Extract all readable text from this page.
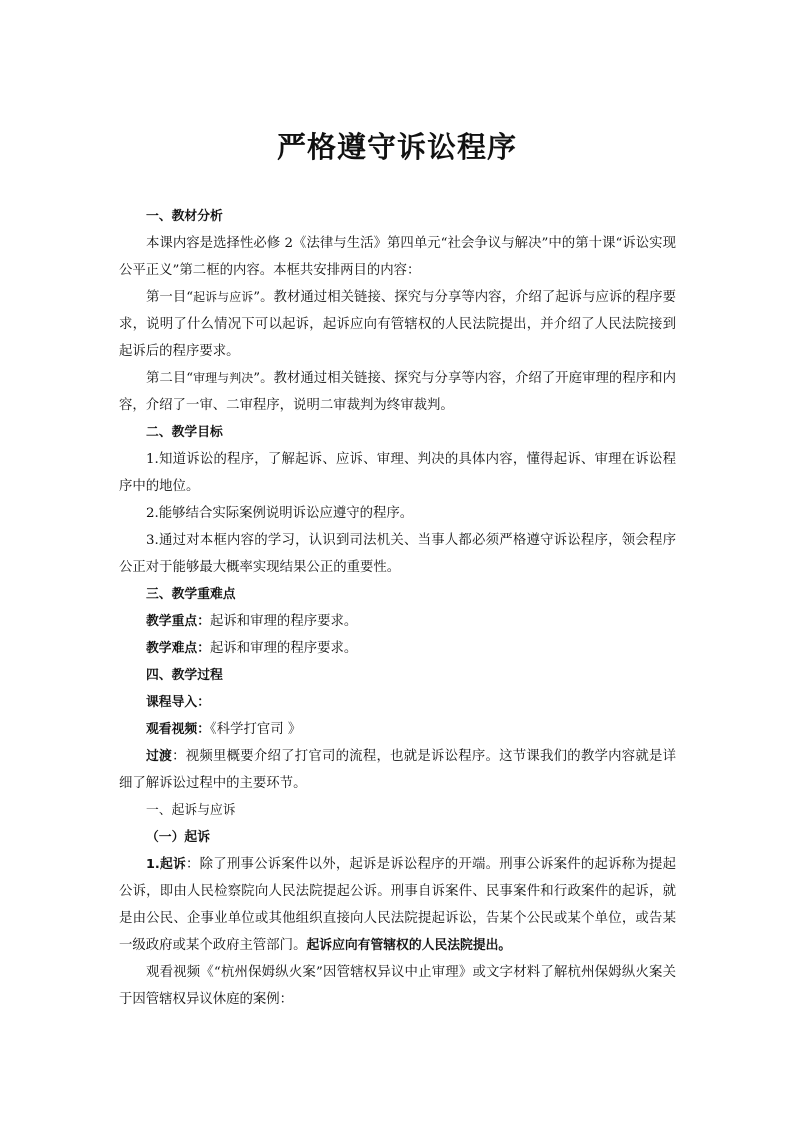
严格遵守诉讼程序

一、教材分析

本课内容是选择性必修 2《法律与生活》第四单元“社会争议与解决”中的第十课“诉讼实现公平正义”第二框的内容。本框共安排两目的内容：

第一目“起诉与应诉”。教材通过相关链接、探究与分享等内容，介绍了起诉与应诉的程序要求，说明了什么情况下可以起诉，起诉应向有管辖权的人民法院提出，并介绍了人民法院接到起诉后的程序要求。

第二目“审理与判决”。教材通过相关链接、探究与分享等内容，介绍了开庭审理的程序和内容，介绍了一审、二审程序，说明二审裁判为终审裁判。

二、教学目标

1.知道诉讼的程序，了解起诉、应诉、审理、判决的具体内容，懂得起诉、审理在诉讼程序中的地位。

2.能够结合实际案例说明诉讼应遵守的程序。

3.通过对本框内容的学习，认识到司法机关、当事人都必须严格遵守诉讼程序，领会程序公正对于能够最大概率实现结果公正的重要性。

三、教学重难点

教学重点：起诉和审理的程序要求。

教学难点：起诉和审理的程序要求。

四、教学过程

课程导入：

观看视频：《科学打官司 》

过渡：视频里概要介绍了打官司的流程，也就是诉讼程序。这节课我们的教学内容就是详细了解诉讼过程中的主要环节。

一、起诉与应诉

（一）起诉

1.起诉：除了刑事公诉案件以外，起诉是诉讼程序的开端。刑事公诉案件的起诉称为提起公诉，即由人民检察院向人民法院提起公诉。刑事自诉案件、民事案件和行政案件的起诉，就是由公民、企事业单位或其他组织直接向人民法院提起诉讼，告某个公民或某个单位，或告某一级政府或某个政府主管部门。起诉应向有管辖权的人民法院提出。

观看视频《“杭州保姆纵火案”因管辖权异议中止审理》或文字材料了解杭州保姆纵火案关于因管辖权异议休庭的案例：
